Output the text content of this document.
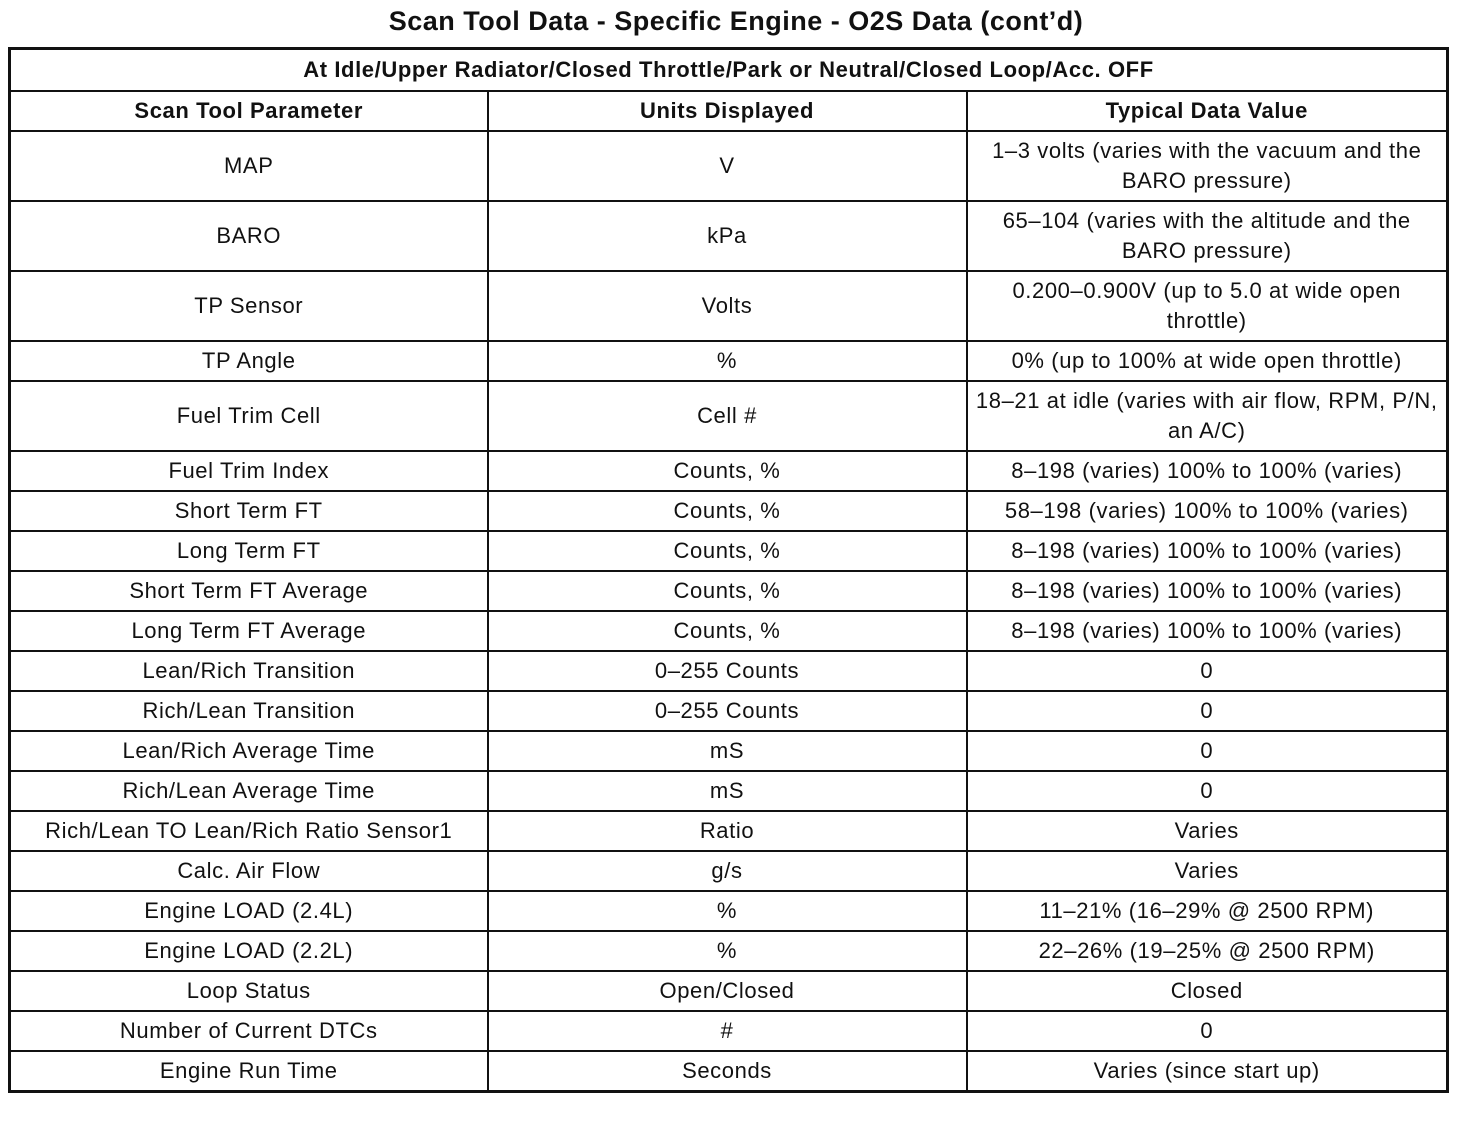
Scan Tool Data - Specific Engine - O2S Data (cont’d)
At Idle/Upper Radiator/Closed Throttle/Park or Neutral/Closed Loop/Acc. OFF		
Scan Tool Parameter	Units Displayed	Typical Data Value
MAP	V	1–3 volts (varies with the vacuum and the BARO pressure)
BARO	kPa	65–104 (varies with the altitude and the BARO pressure)
TP Sensor	Volts	0.200–0.900V (up to 5.0 at wide open throttle)
TP Angle	%	0% (up to 100% at wide open throttle)
Fuel Trim Cell	Cell #	18–21 at idle (varies with air flow, RPM, P/N, an A/C)
Fuel Trim Index	Counts, %	8–198 (varies) 100% to 100% (varies)
Short Term FT	Counts, %	58–198 (varies) 100% to 100% (varies)
Long Term FT	Counts, %	8–198 (varies) 100% to 100% (varies)
Short Term FT Average	Counts, %	8–198 (varies) 100% to 100% (varies)
Long Term FT Average	Counts, %	8–198 (varies) 100% to 100% (varies)
Lean/Rich Transition	0–255 Counts	0
Rich/Lean Transition	0–255 Counts	0
Lean/Rich Average Time	mS	0
Rich/Lean Average Time	mS	0
Rich/Lean TO Lean/Rich Ratio Sensor1	Ratio	Varies
Calc. Air Flow	g/s	Varies
Engine LOAD (2.4L)	%	11–21% (16–29% @ 2500 RPM)
Engine LOAD (2.2L)	%	22–26% (19–25% @ 2500 RPM)
Loop Status	Open/Closed	Closed
Number of Current DTCs	#	0
Engine Run Time	Seconds	Varies (since start up)
